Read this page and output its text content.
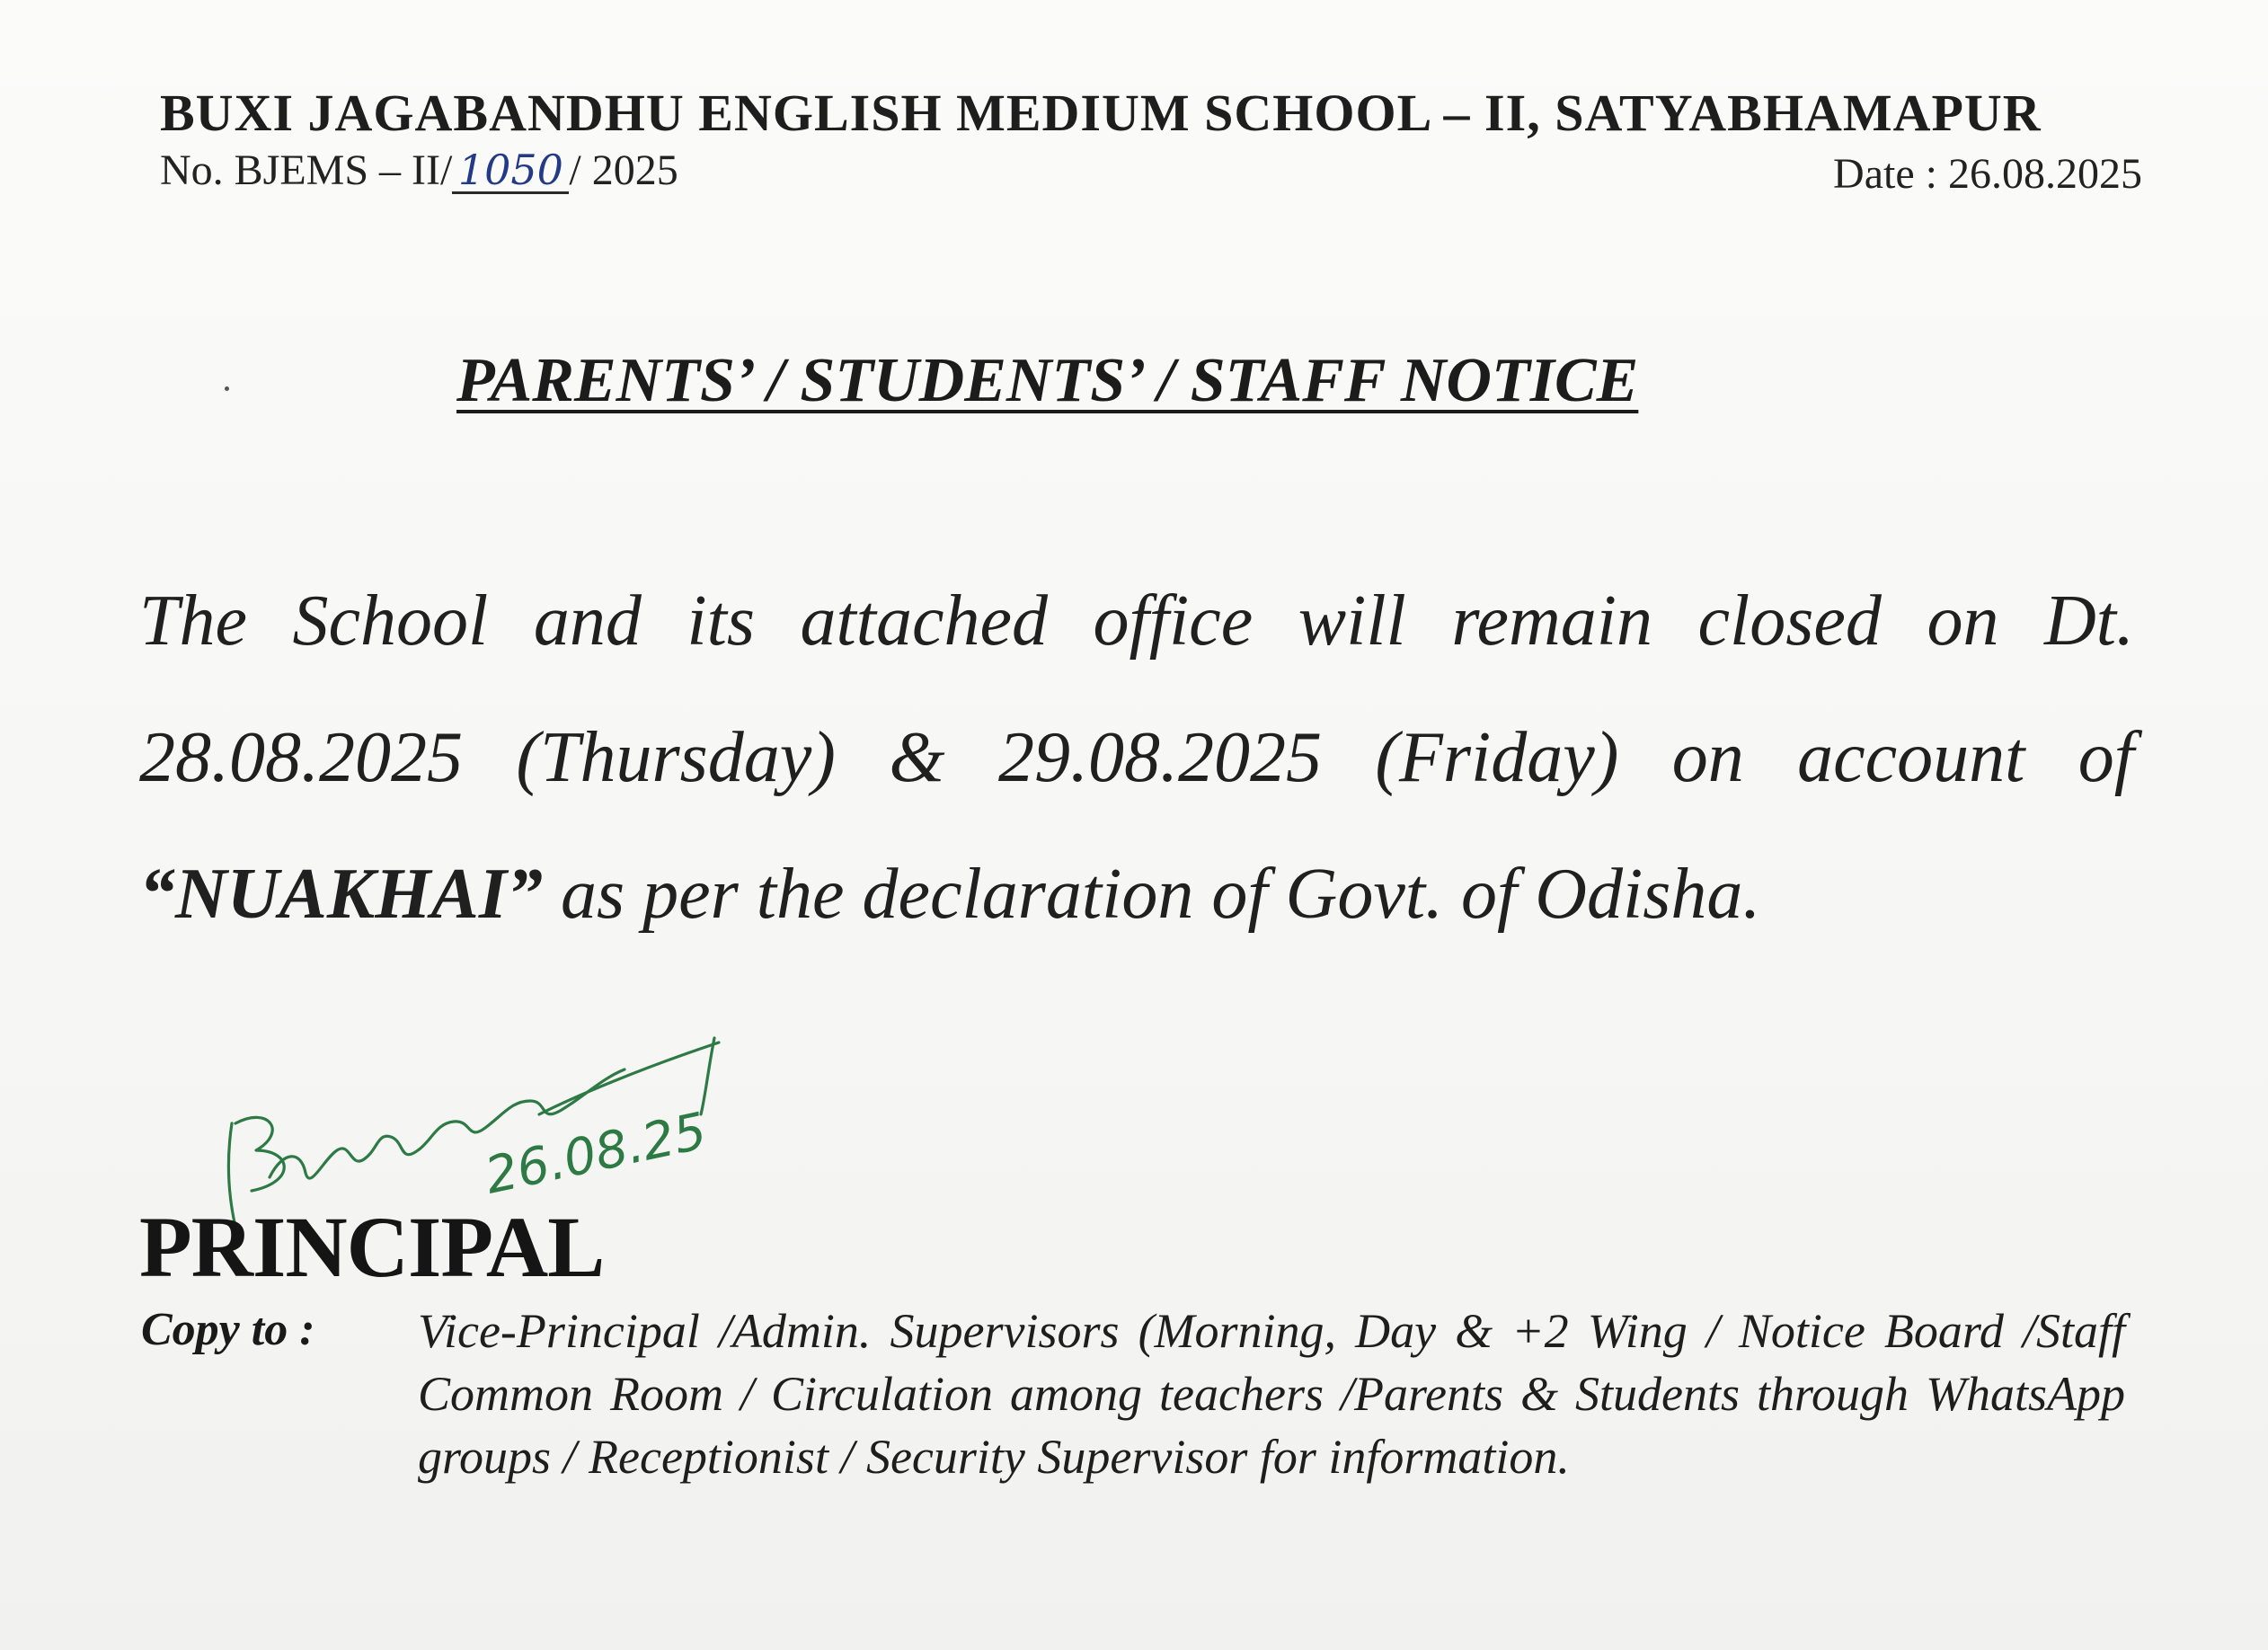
BUXI JAGABANDHU ENGLISH MEDIUM SCHOOL – II, SATYABHAMAPUR
No. BJEMS – II/ 1050 / 2025	Date : 26.08.2025
PARENTS’ / STUDENTS’ / STAFF NOTICE

The School and its attached office will remain closed on Dt. 28.08.2025 (Thursday) & 29.08.2025 (Friday) on account of “NUAKHAI” as per the declaration of Govt. of Odisha.

26.08.25
PRINCIPAL
Copy to : Vice-Principal /Admin. Supervisors (Morning, Day & +2 Wing / Notice Board /Staff Common Room / Circulation among teachers /Parents & Students through WhatsApp groups / Receptionist / Security Supervisor for information.
